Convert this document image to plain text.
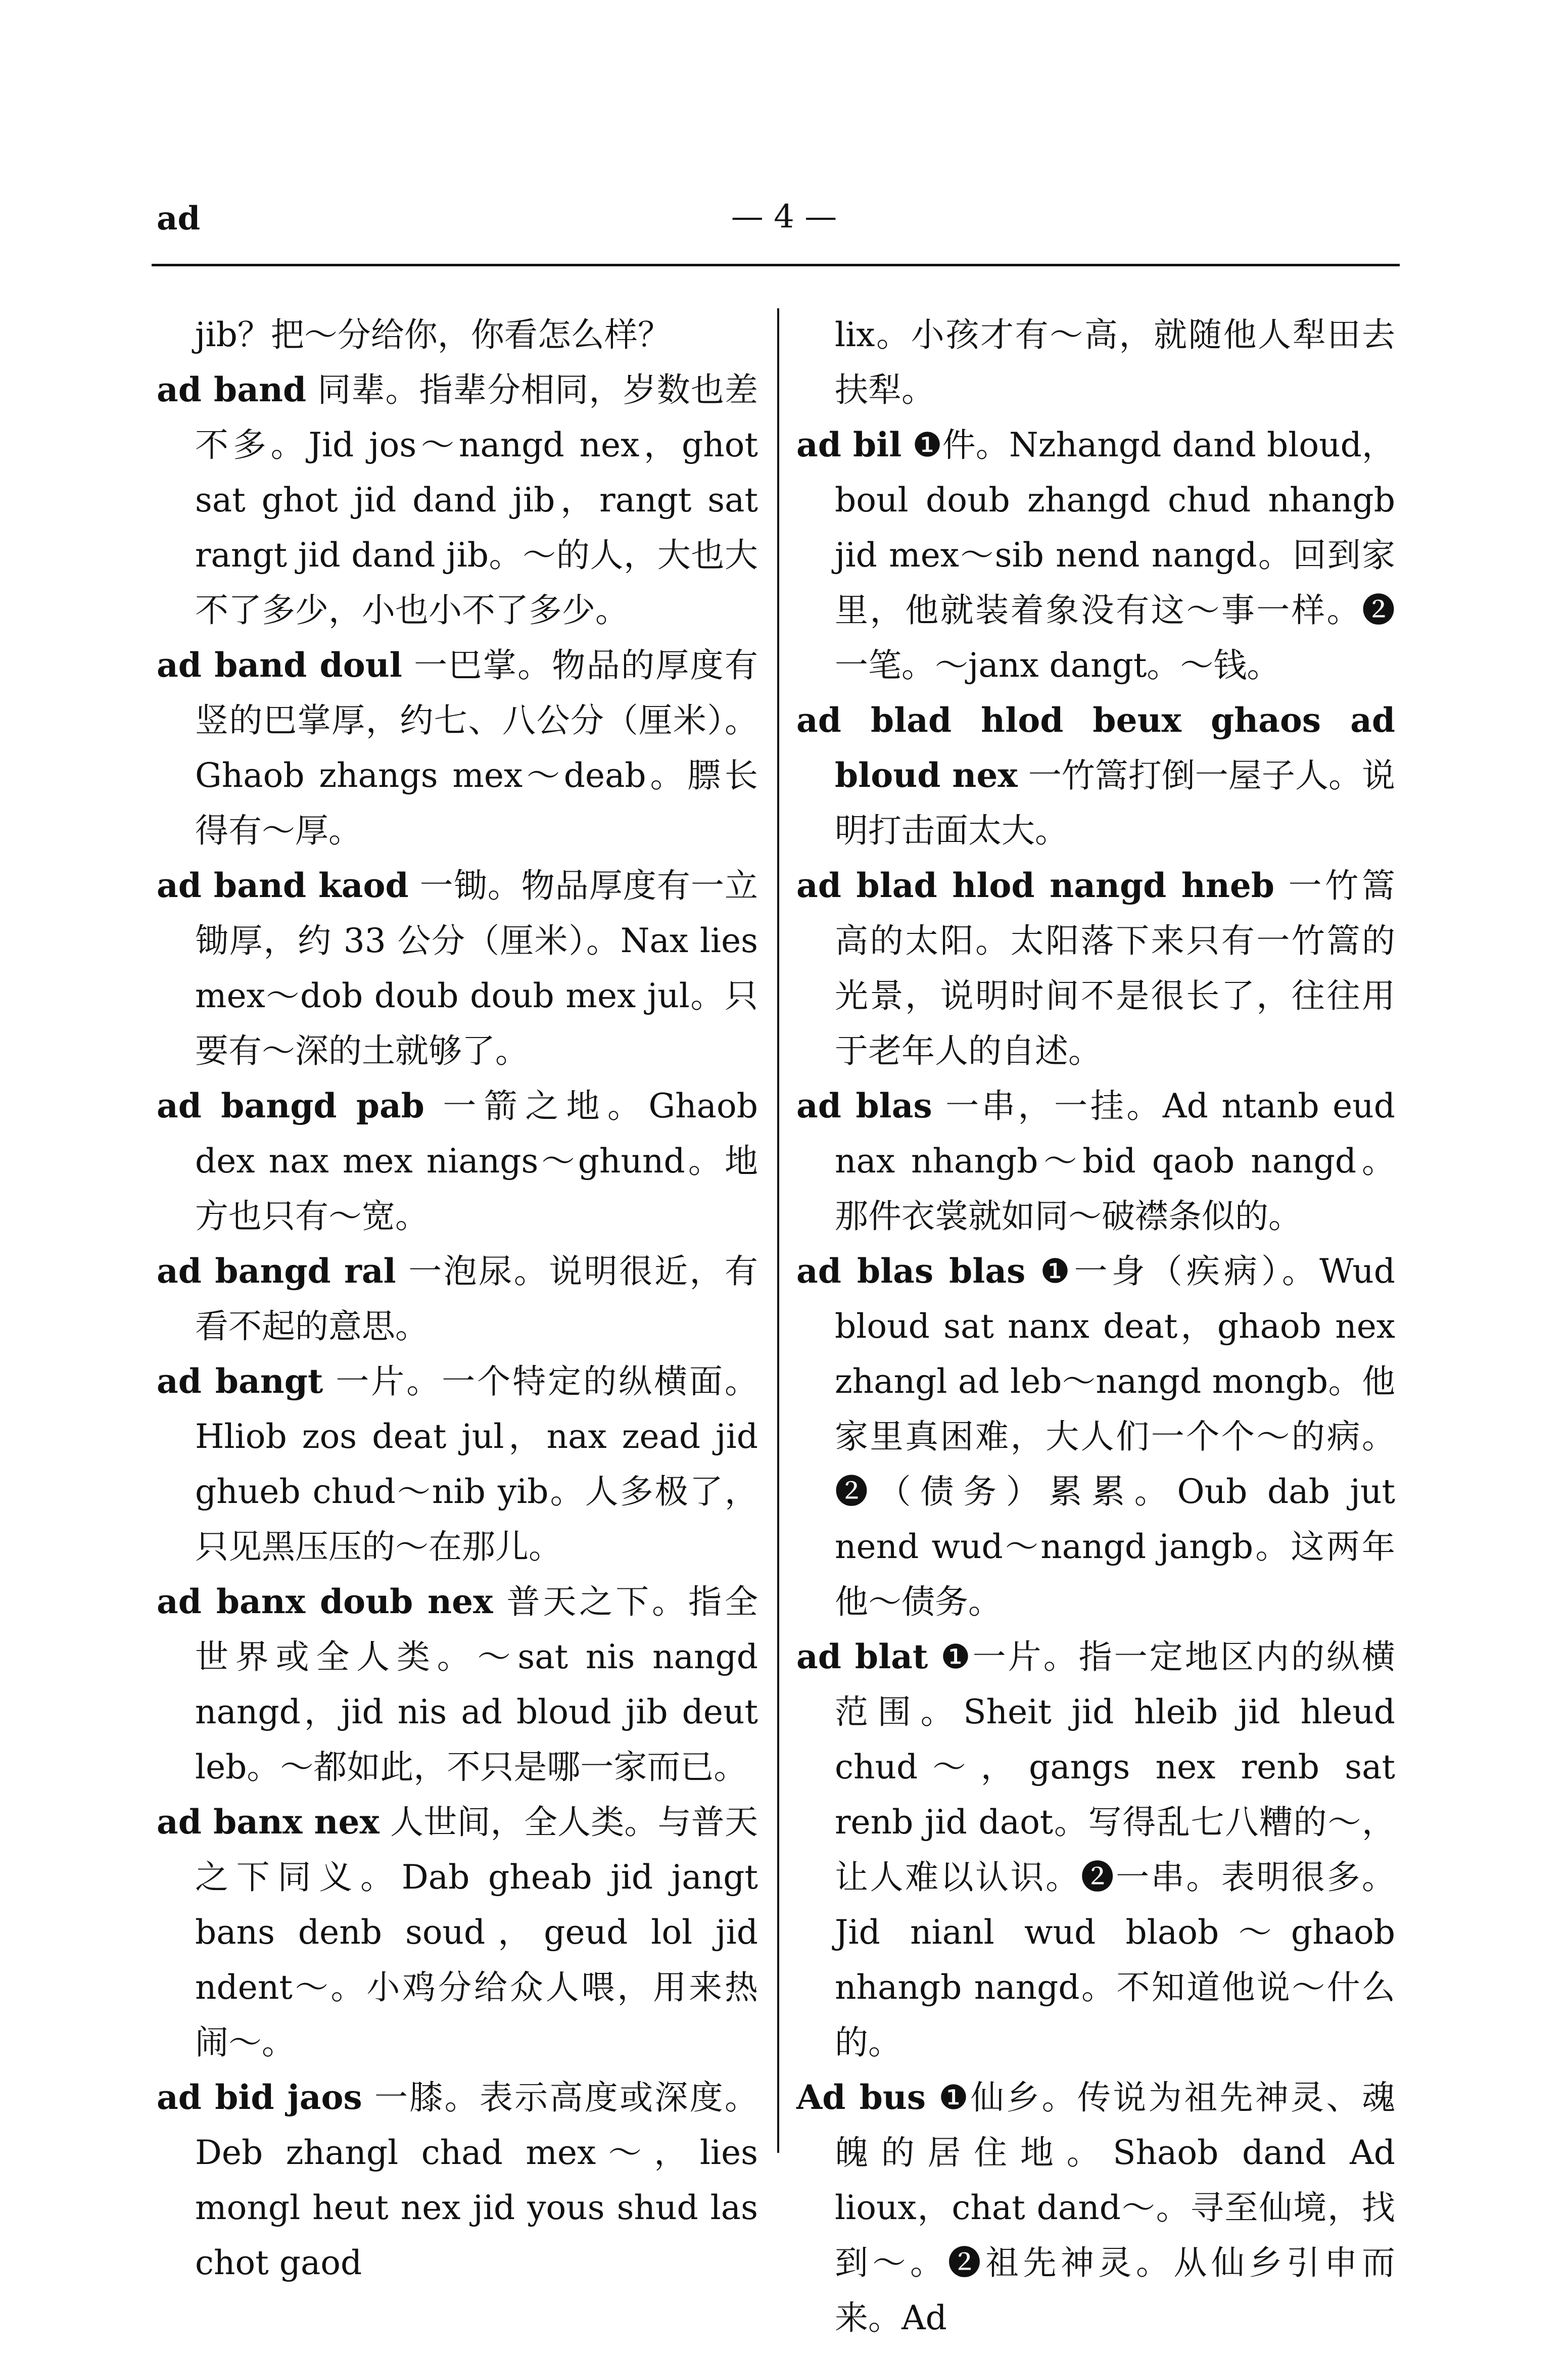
ad	— 4 —
jib？把～分给你，你看怎么样？
ad band 同辈。指辈分相同，岁数也差不多。Jid jos～nangd nex，ghot sat ghot jid dand jib，rangt sat rangt jid dand jib。～的人，大也大不了多少，小也小不了多少。
ad band doul 一巴掌。物品的厚度有竖的巴掌厚，约七、八公分（厘米）。Ghaob zhangs mex～deab。膘长得有～厚。
ad band kaod 一锄。物品厚度有一立锄厚，约 33 公分（厘米）。Nax lies mex～dob doub doub mex jul。只要有～深的土就够了。
ad bangd pab 一箭之地。Ghaob dex nax mex niangs～ghund。地方也只有～宽。
ad bangd ral 一泡尿。说明很近，有看不起的意思。
ad bangt 一片。一个特定的纵横面。Hliob zos deat jul，nax zead jid ghueb chud～nib yib。人多极了，只见黑压压的～在那儿。
ad banx doub nex 普天之下。指全世界或全人类。～sat nis nangd nangd，jid nis ad bloud jib deut leb。～都如此，不只是哪一家而已。
ad banx nex 人世间，全人类。与普天之下同义。Dab gheab jid jangt bans denb soud，geud lol jid ndent～。小鸡分给众人喂，用来热闹～。
ad bid jaos 一膝。表示高度或深度。Deb zhangl chad mex～，lies mongl heut nex jid yous shud las chot gaod
lix。小孩才有～高，就随他人犁田去扶犁。
ad bil ❶件。Nzhangd dand bloud，boul doub zhangd chud nhangb jid mex～sib nend nangd。回到家里，他就装着象没有这～事一样。❷一笔。～janx dangt。～钱。
ad blad hlod beux ghaos ad bloud nex 一竹篙打倒一屋子人。说明打击面太大。
ad blad hlod nangd hneb 一竹篙高的太阳。太阳落下来只有一竹篙的光景，说明时间不是很长了，往往用于老年人的自述。
ad blas 一串，一挂。Ad ntanb eud nax nhangb～bid qaob nangd。那件衣裳就如同～破襟条似的。
ad blas blas ❶一身（疾病）。Wud bloud sat nanx deat，ghaob nex zhangl ad leb～nangd mongb。他家里真困难，大人们一个个～的病。❷（债务）累累。Oub dab jut nend wud～nangd jangb。这两年他～债务。
ad blat ❶一片。指一定地区内的纵横范围。Sheit jid hleib jid hleud chud～，gangs nex renb sat renb jid daot。写得乱七八糟的～，让人难以认识。❷一串。表明很多。Jid nianl wud blaob～ghaob nhangb nangd。不知道他说～什么的。
Ad bus ❶仙乡。传说为祖先神灵、魂魄的居住地。Shaob dand Ad lioux，chat dand～。寻至仙境，找到～。❷祖先神灵。从仙乡引申而来。Ad
